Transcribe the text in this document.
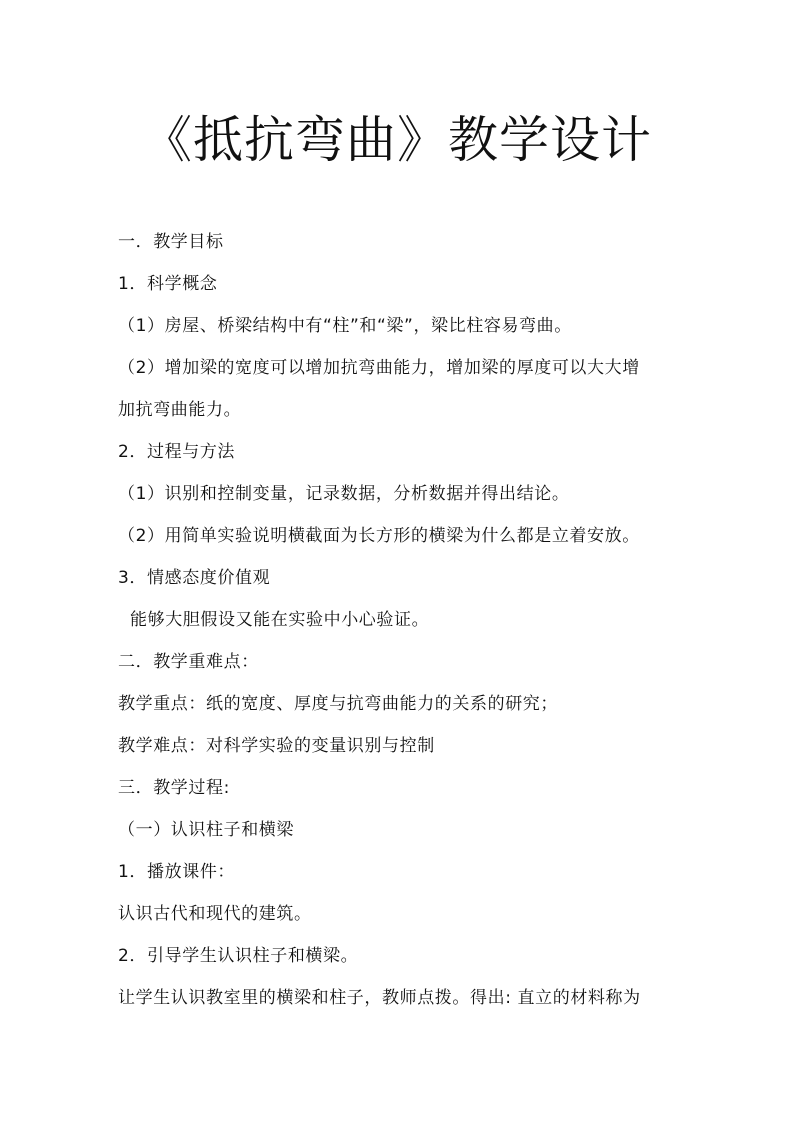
《抵抗弯曲》教学设计
一．教学目标
1．科学概念
（1）房屋、桥梁结构中有“柱”和“梁”，梁比柱容易弯曲。
（2）增加梁的宽度可以增加抗弯曲能力，增加梁的厚度可以大大增
加抗弯曲能力。
2．过程与方法
（1）识别和控制变量，记录数据，分析数据并得出结论。
（2）用简单实验说明横截面为长方形的横梁为什么都是立着安放。
3．情感态度价值观
能够大胆假设又能在实验中小心验证。
二．教学重难点：
教学重点：纸的宽度、厚度与抗弯曲能力的关系的研究；
教学难点：对科学实验的变量识别与控制
三．教学过程:
（一）认识柱子和横梁
1．播放课件：
认识古代和现代的建筑。
2．引导学生认识柱子和横梁。
让学生认识教室里的横梁和柱子，教师点拨。得出: 直立的材料称为
